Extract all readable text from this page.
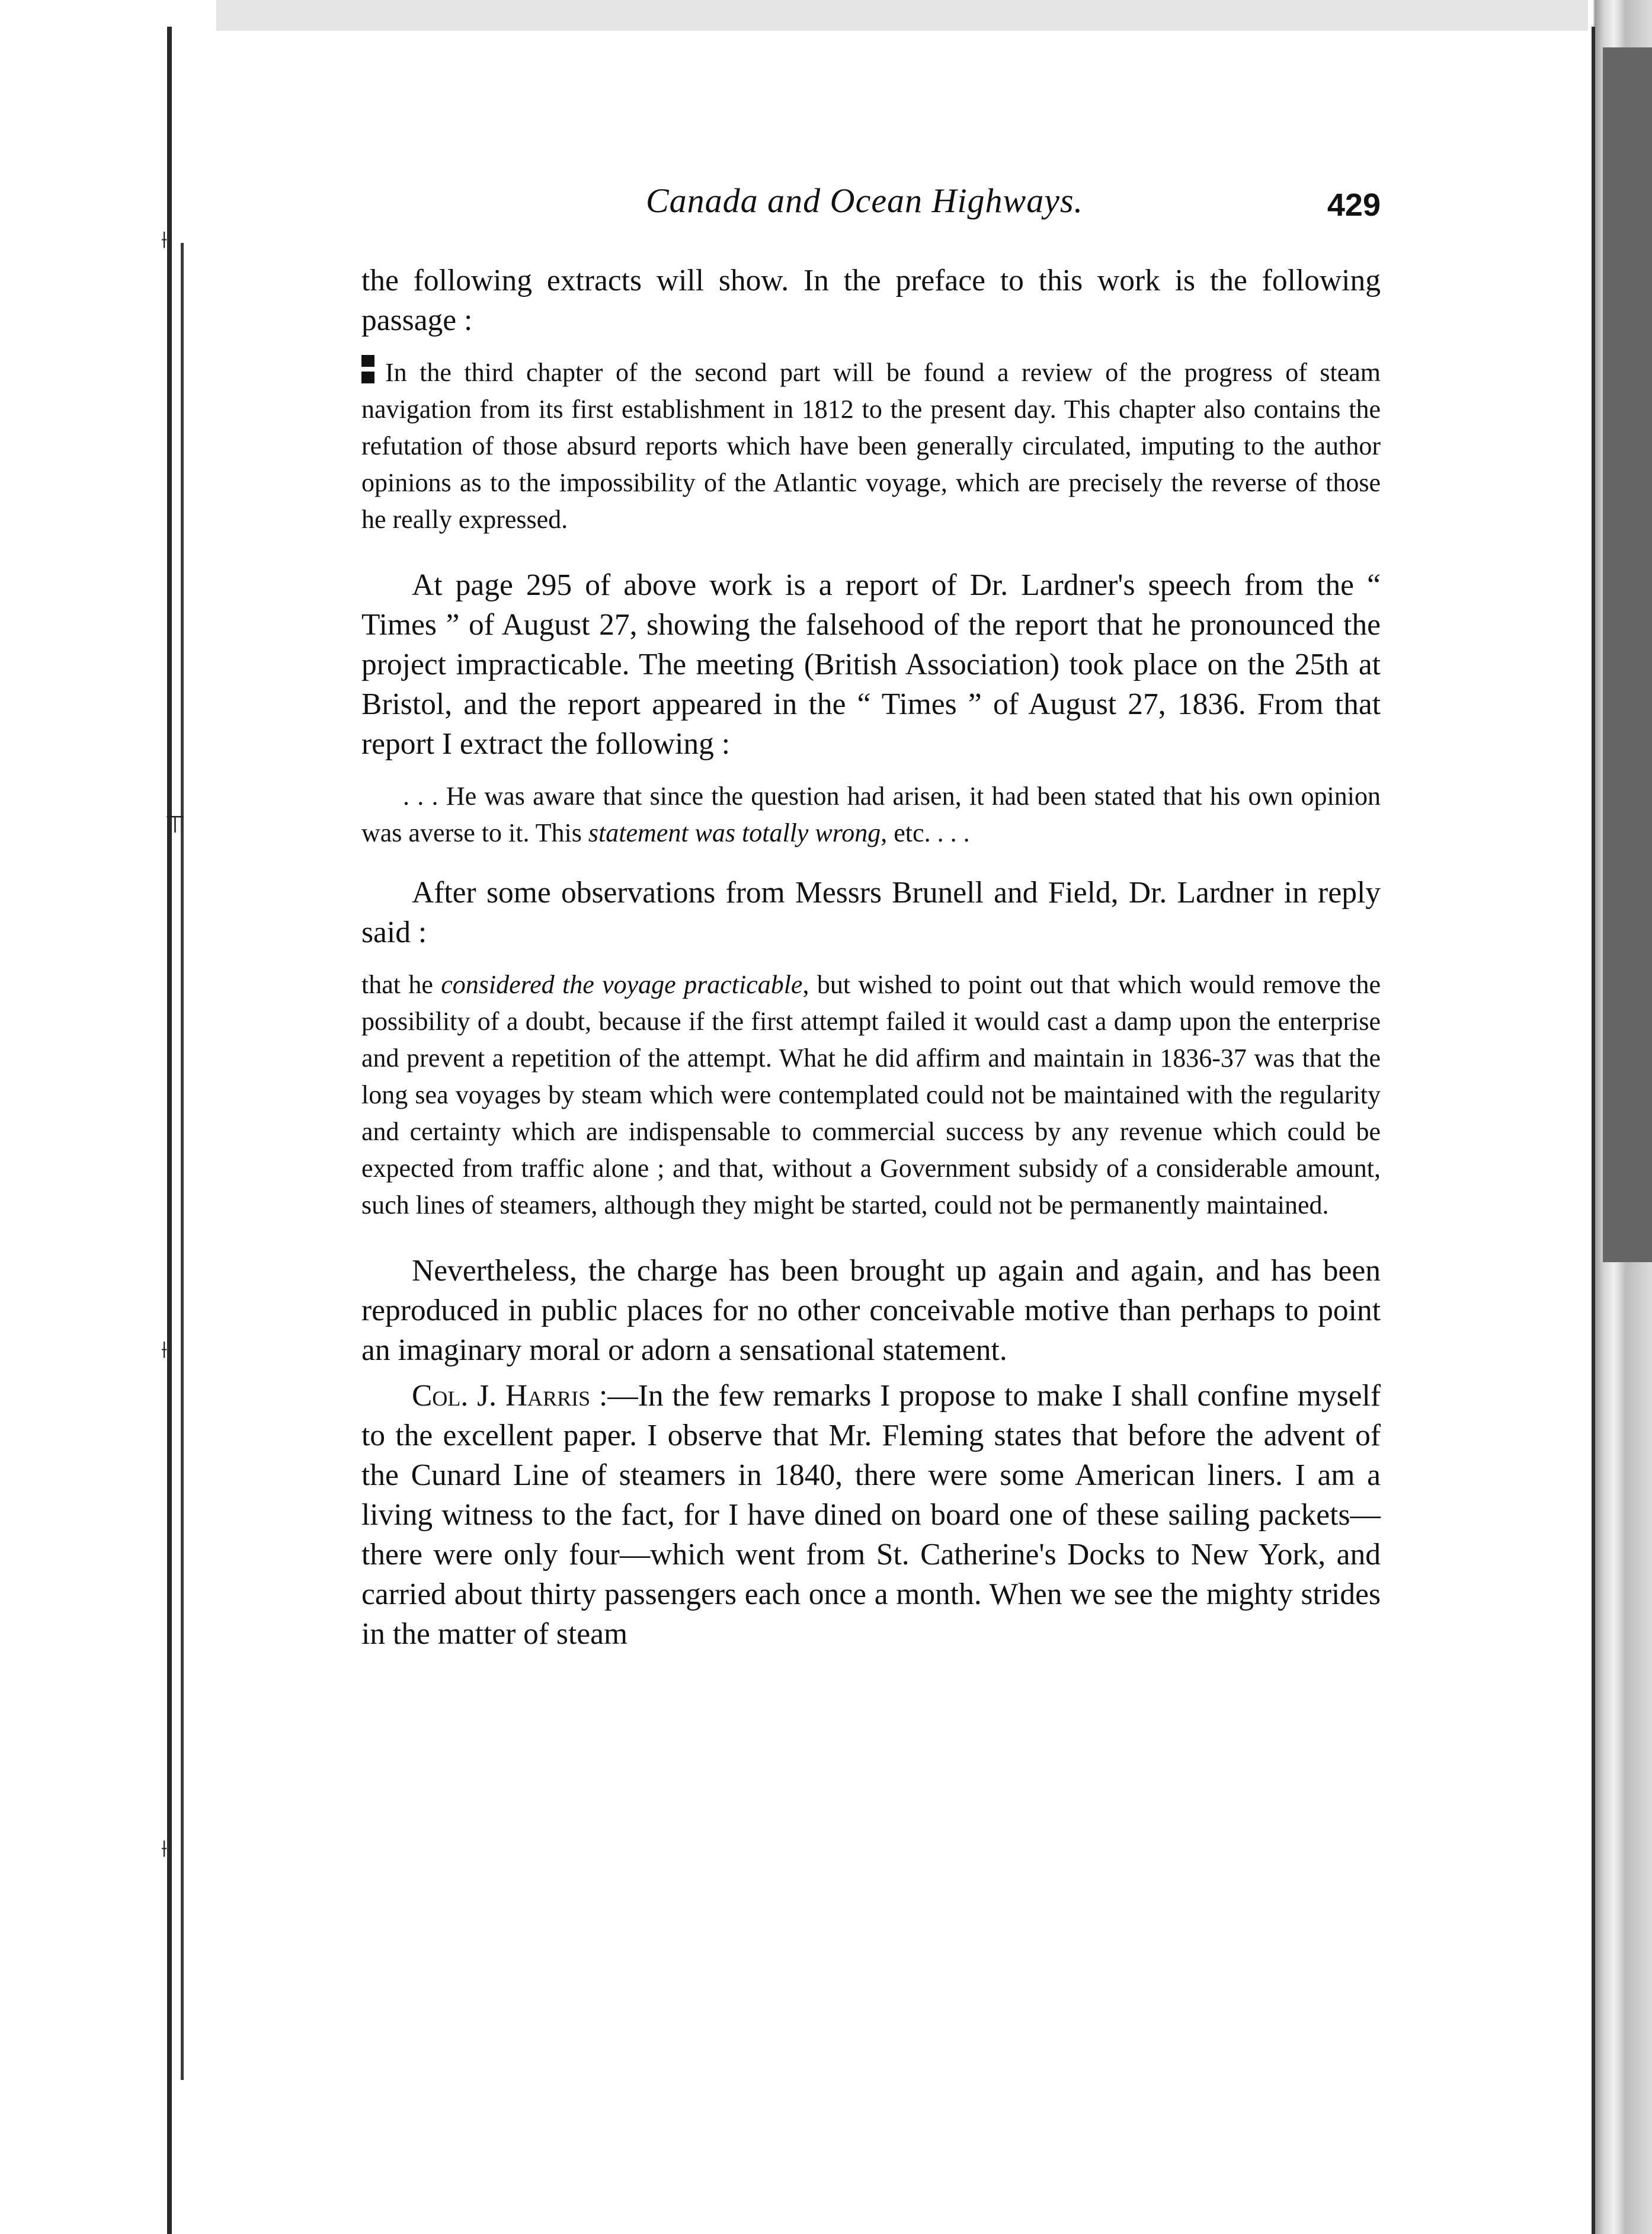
⟊
⊤
⟊
⟊
Canada and Ocean Highways.	429

the following extracts will show. In the preface to this work is the following passage :

In the third chapter of the second part will be found a review of the progress of steam navigation from its first establishment in 1812 to the present day. This chapter also contains the refutation of those absurd reports which have been generally circulated, imputing to the author opinions as to the impossibility of the Atlantic voyage, which are precisely the reverse of those he really expressed.

At page 295 of above work is a report of Dr. Lardner's speech from the “ Times ” of August 27, showing the falsehood of the report that he pronounced the project impracticable. The meeting (British Association) took place on the 25th at Bristol, and the report appeared in the “ Times ” of August 27, 1836. From that report I extract the following :

. . . He was aware that since the question had arisen, it had been stated that his own opinion was averse to it. This statement was totally wrong, etc. . . .

After some observations from Messrs Brunell and Field, Dr. Lardner in reply said :

that he considered the voyage practicable, but wished to point out that which would remove the possibility of a doubt, because if the first attempt failed it would cast a damp upon the enterprise and prevent a repetition of the attempt. What he did affirm and maintain in 1836-37 was that the long sea voyages by steam which were contemplated could not be maintained with the regularity and certainty which are indispensable to commercial success by any revenue which could be expected from traffic alone ; and that, without a Government subsidy of a considerable amount, such lines of steamers, although they might be started, could not be permanently maintained.

Nevertheless, the charge has been brought up again and again, and has been reproduced in public places for no other conceivable motive than perhaps to point an imaginary moral or adorn a sensational statement.

Col. J. Harris :—In the few remarks I propose to make I shall confine myself to the excellent paper. I observe that Mr. Fleming states that before the advent of the Cunard Line of steamers in 1840, there were some American liners. I am a living witness to the fact, for I have dined on board one of these sailing packets—there were only four—which went from St. Catherine's Docks to New York, and carried about thirty passengers each once a month. When we see the mighty strides in the matter of steam
